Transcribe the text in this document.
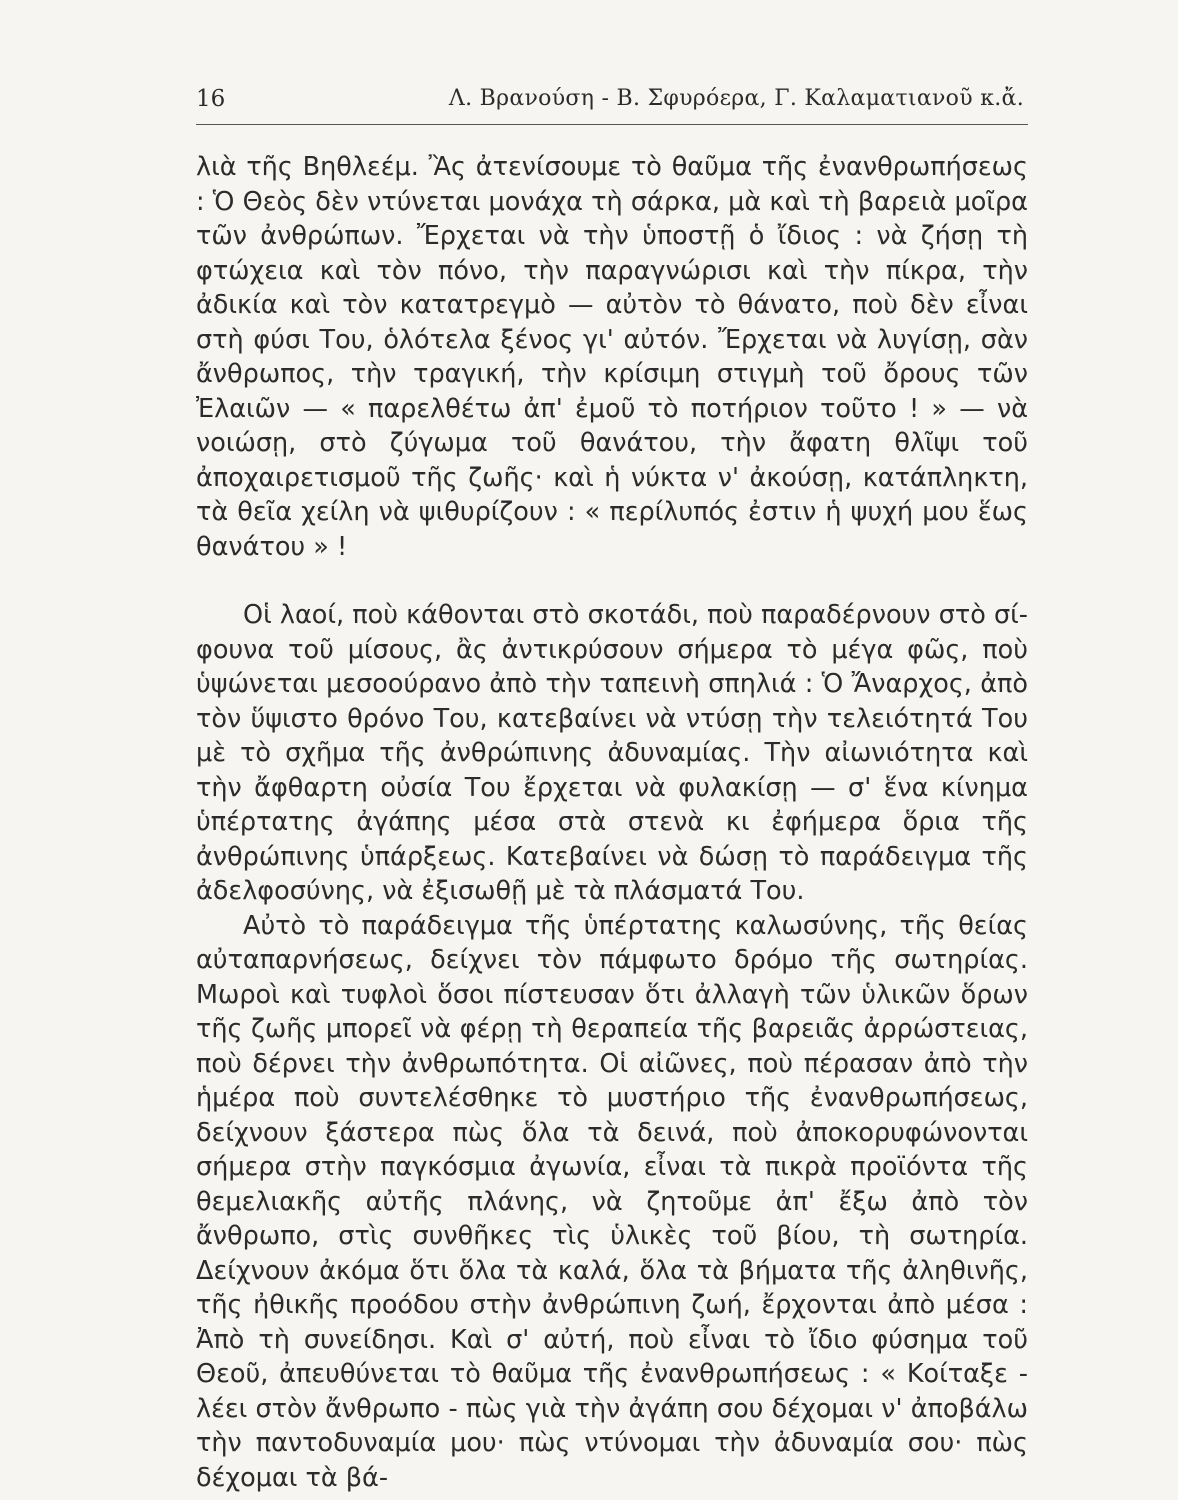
16	Λ. Βρανούση - Β. Σφυρόερα, Γ. Καλαματιανοῦ κ.ἄ.

λιὰ τῆς Βηθλεέμ. Ἂς ἀτενίσουμε τὸ θαῦμα τῆς ἐνανθρωπήσεως : Ὁ Θεὸς δὲν ντύνεται μονάχα τὴ σάρκα, μὰ καὶ τὴ βαρειὰ μοῖρα τῶν ἀνθρώπων. Ἔρχεται νὰ τὴν ὑποστῇ ὁ ἴδιος : νὰ ζήσῃ τὴ φτώχεια καὶ τὸν πόνο, τὴν παραγνώρισι καὶ τὴν πίκρα, τὴν ἀδικία καὶ τὸν κατατρεγμὸ — αὐτὸν τὸ θάνατο, ποὺ δὲν εἶναι στὴ φύσι Του, ὁλότελα ξένος γι' αὐτόν. Ἔρχεται νὰ λυγίσῃ, σὰν ἄνθρωπος, τὴν τραγική, τὴν κρίσιμη στιγμὴ τοῦ ὄρους τῶν Ἐλαιῶν — « παρελθέτω ἀπ' ἐμοῦ τὸ ποτήριον τοῦτο ! » — νὰ νοιώσῃ, στὸ ζύγωμα τοῦ θανάτου, τὴν ἄφατη θλῖψι τοῦ ἀποχαιρετισμοῦ τῆς ζωῆς· καὶ ἡ νύκτα ν' ἀκούσῃ, κατάπληκτη, τὰ θεῖα χείλη νὰ ψιθυρίζουν : « περίλυπός ἐστιν ἡ ψυχή μου ἕως θανάτου » !

Οἱ λαοί, ποὺ κάθονται στὸ σκοτάδι, ποὺ παραδέρνουν στὸ σίφουνα τοῦ μίσους, ἂς ἀντικρύσουν σήμερα τὸ μέγα φῶς, ποὺ ὑψώνεται μεσοούρανο ἀπὸ τὴν ταπεινὴ σπηλιά : Ὁ Ἄναρχος, ἀπὸ τὸν ὕψιστο θρόνο Του, κατεβαίνει νὰ ντύσῃ τὴν τελειότητά Του μὲ τὸ σχῆμα τῆς ἀνθρώπινης ἀδυναμίας. Τὴν αἰωνιότητα καὶ τὴν ἄφθαρτη οὐσία Του ἔρχεται νὰ φυλακίσῃ — σ' ἕνα κίνημα ὑπέρτατης ἀγάπης μέσα στὰ στενὰ κι ἐφήμερα ὅρια τῆς ἀνθρώπινης ὑπάρξεως. Κατεβαίνει νὰ δώσῃ τὸ παράδειγμα τῆς ἀδελφοσύνης, νὰ ἐξισωθῇ μὲ τὰ πλάσματά Του.

Αὐτὸ τὸ παράδειγμα τῆς ὑπέρτατης καλωσύνης, τῆς θείας αὐταπαρνήσεως, δείχνει τὸν πάμφωτο δρόμο τῆς σωτηρίας. Μωροὶ καὶ τυφλοὶ ὅσοι πίστευσαν ὅτι ἀλλαγὴ τῶν ὑλικῶν ὅρων τῆς ζωῆς μπορεῖ νὰ φέρῃ τὴ θεραπεία τῆς βαρειᾶς ἀρρώστειας, ποὺ δέρνει τὴν ἀνθρωπότητα. Οἱ αἰῶνες, ποὺ πέρασαν ἀπὸ τὴν ἡμέρα ποὺ συντελέσθηκε τὸ μυστήριο τῆς ἐνανθρωπήσεως, δείχνουν ξάστερα πὼς ὅλα τὰ δεινά, ποὺ ἀποκορυφώνονται σήμερα στὴν παγκόσμια ἀγωνία, εἶναι τὰ πικρὰ προϊόντα τῆς θεμελιακῆς αὐτῆς πλάνης, νὰ ζητοῦμε ἀπ' ἔξω ἀπὸ τὸν ἄνθρωπο, στὶς συνθῆκες τὶς ὑλικὲς τοῦ βίου, τὴ σωτηρία. Δείχνουν ἀκόμα ὅτι ὅλα τὰ καλά, ὅλα τὰ βήματα τῆς ἀληθινῆς, τῆς ἠθικῆς προόδου στὴν ἀνθρώπινη ζωή, ἔρχονται ἀπὸ μέσα : Ἀπὸ τὴ συνείδησι. Καὶ σ' αὐτή, ποὺ εἶναι τὸ ἴδιο φύσημα τοῦ Θεοῦ, ἀπευθύνεται τὸ θαῦμα τῆς ἐνανθρωπήσεως : « Κοίταξε - λέει στὸν ἄνθρωπο - πὼς γιὰ τὴν ἀγάπη σου δέχομαι ν' ἀποβάλω τὴν παντοδυναμία μου· πὼς ντύνομαι τὴν ἀδυναμία σου· πὼς δέχομαι τὰ βά-
